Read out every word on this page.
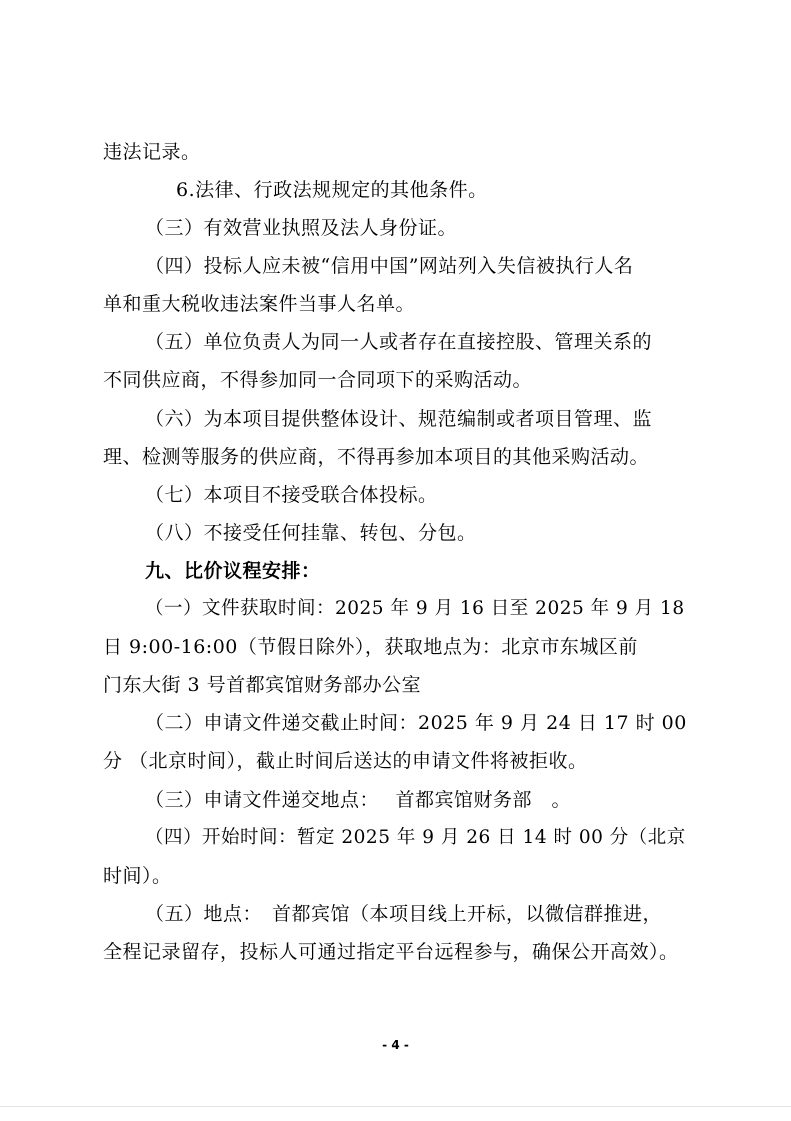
违法记录。
6.法律、行政法规规定的其他条件。
（三）有效营业执照及法人身份证。
（四）投标人应未被“信用中国”网站列入失信被执行人名
单和重大税收违法案件当事人名单。
（五）单位负责人为同一人或者存在直接控股、管理关系的
不同供应商，不得参加同一合同项下的采购活动。
（六）为本项目提供整体设计、规范编制或者项目管理、监
理、检测等服务的供应商，不得再参加本项目的其他采购活动。
（七）本项目不接受联合体投标。
（八）不接受任何挂靠、转包、分包。
九、比价议程安排：
（一）文件获取时间：2025 年 9 月 16 日至 2025 年 9 月 18
日 9:00-16:00（节假日除外），获取地点为：北京市东城区前
门东大街 3 号首都宾馆财务部办公室
（二）申请文件递交截止时间：2025 年 9 月 24 日 17 时 00
分 （北京时间），截止时间后送达的申请文件将被拒收。
（三）申请文件递交地点：　 首都宾馆财务部　。
（四）开始时间：暂定 2025 年 9 月 26 日 14 时 00 分（北京
时间）。
（五）地点：　首都宾馆（本项目线上开标，以微信群推进，
全程记录留存，投标人可通过指定平台远程参与，确保公开高效）。
- 4 -
